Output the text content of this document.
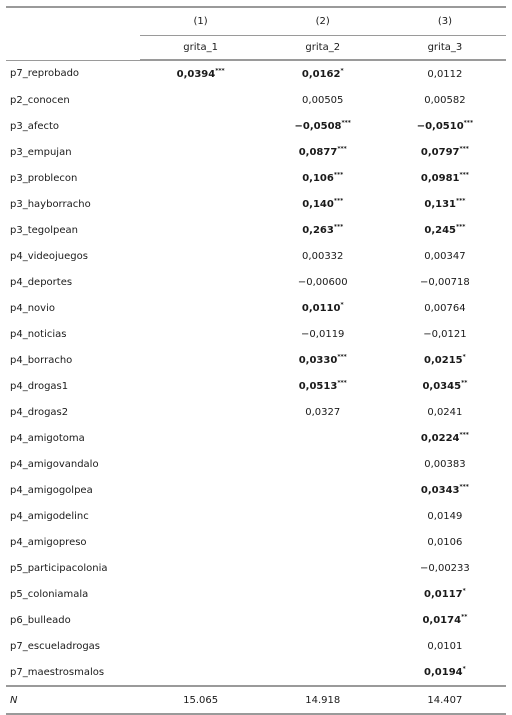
	(1)	(2)	(3)
	grita_1	grita_2	grita_3
p7_reprobado	0,0394***	0,0162*	0,0112
p2_conocen		0,00505	0,00582
p3_afecto		−0,0508***	−0,0510***
p3_empujan		0,0877***	0,0797***
p3_problecon		0,106***	0,0981***
p3_hayborracho		0,140***	0,131***
p3_tegolpean		0,263***	0,245***
p4_videojuegos		0,00332	0,00347
p4_deportes		−0,00600	−0,00718
p4_novio		0,0110*	0,00764
p4_noticias		−0,0119	−0,0121
p4_borracho		0,0330***	0,0215*
p4_drogas1		0,0513***	0,0345**
p4_drogas2		0,0327	0,0241
p4_amigotoma			0,0224***
p4_amigovandalo			0,00383
p4_amigogolpea			0,0343***
p4_amigodelinc			0,0149
p4_amigopreso			0,0106
p5_participacolonia			−0,00233
p5_coloniamala			0,0117*
p6_bulleado			0,0174**
p7_escueladrogas			0,0101
p7_maestrosmalos			0,0194*
N	15.065	14.918	14.407
